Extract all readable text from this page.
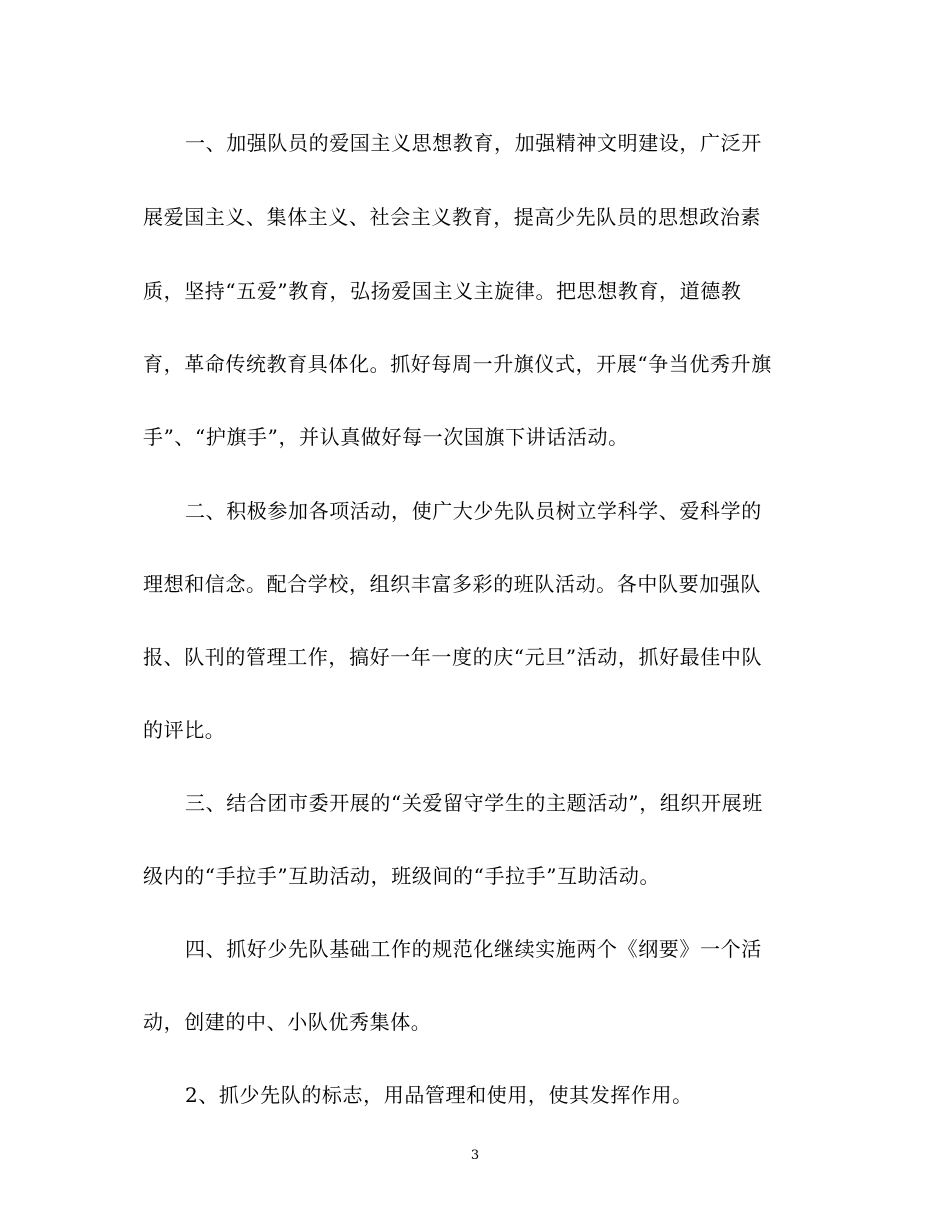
一、加强队员的爱国主义思想教育，加强精神文明建设，广泛开
展爱国主义、集体主义、社会主义教育，提高少先队员的思想政治素
质，坚持“五爱”教育，弘扬爱国主义主旋律。把思想教育，道德教
育，革命传统教育具体化。抓好每周一升旗仪式，开展“争当优秀升旗
手”、“护旗手”，并认真做好每一次国旗下讲话活动。
二、积极参加各项活动，使广大少先队员树立学科学、爱科学的
理想和信念。配合学校，组织丰富多彩的班队活动。各中队要加强队
报、队刊的管理工作，搞好一年一度的庆“元旦”活动，抓好最佳中队
的评比。
三、结合团市委开展的“关爱留守学生的主题活动”，组织开展班
级内的“手拉手”互助活动，班级间的“手拉手”互助活动。
四、抓好少先队基础工作的规范化继续实施两个《纲要》一个活
动，创建的中、小队优秀集体。
2、抓少先队的标志，用品管理和使用，使其发挥作用。
3
